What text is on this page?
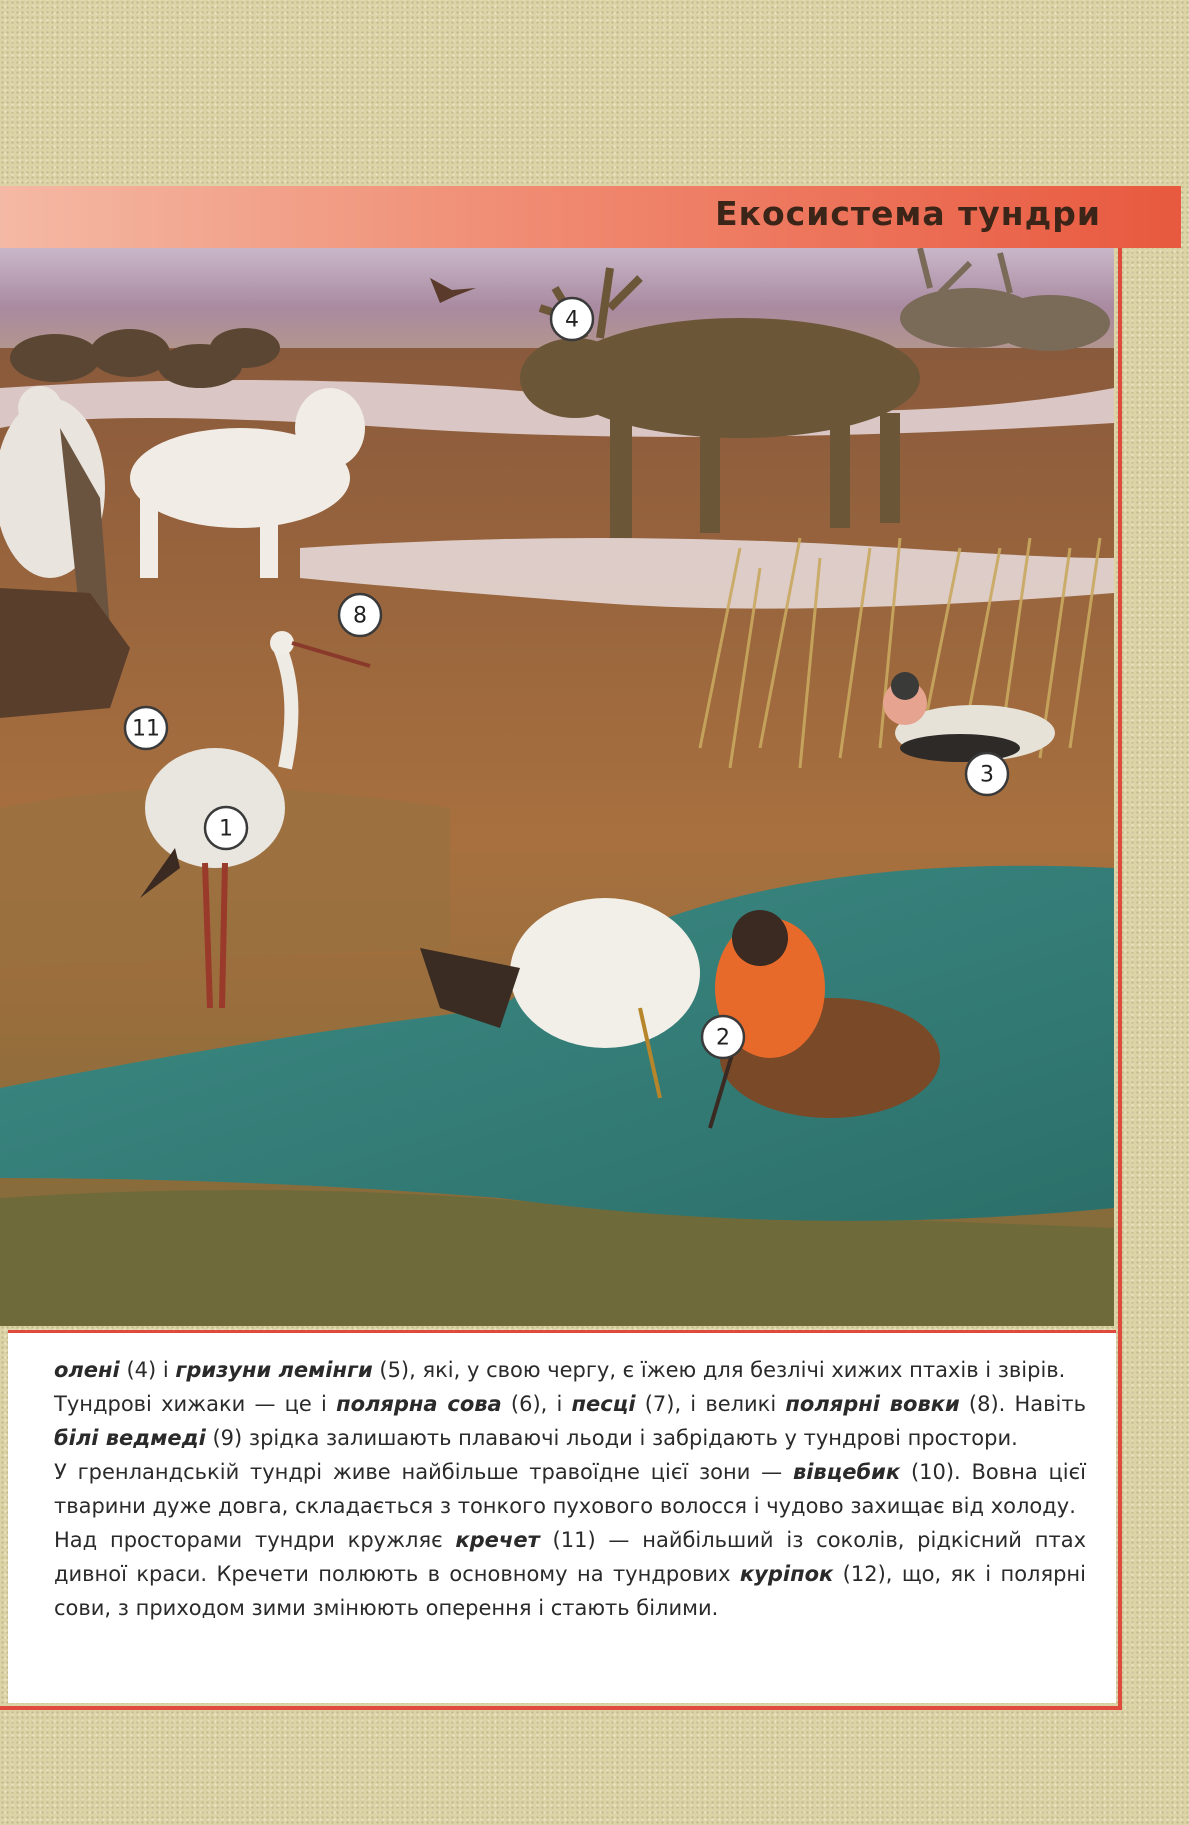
Екосистема тундри
4
8
11
1
3
2

олені (4) і гризуни лемінги (5), які, у свою чергу, є їжею для безлічі хижих птахів і звірів.

Тундрові хижаки — це і полярна сова (6), і песці (7), і великі полярні вовки (8). Навіть білі ведмеді (9) зрідка залишають плаваючі льоди і забрідають у тундрові простори.

У гренландській тундрі живе найбільше травоїдне цієї зони — вівцебик (10). Вовна цієї тварини дуже довга, складається з тонкого пухового волосся і чудово захищає від холоду.

Над просторами тундри кружляє кречет (11) — найбільший із соколів, рідкісний птах дивної краси. Кречети полюють в основному на тундрових куріпок (12), що, як і полярні сови, з приходом зими змінюють оперення і стають білими.
